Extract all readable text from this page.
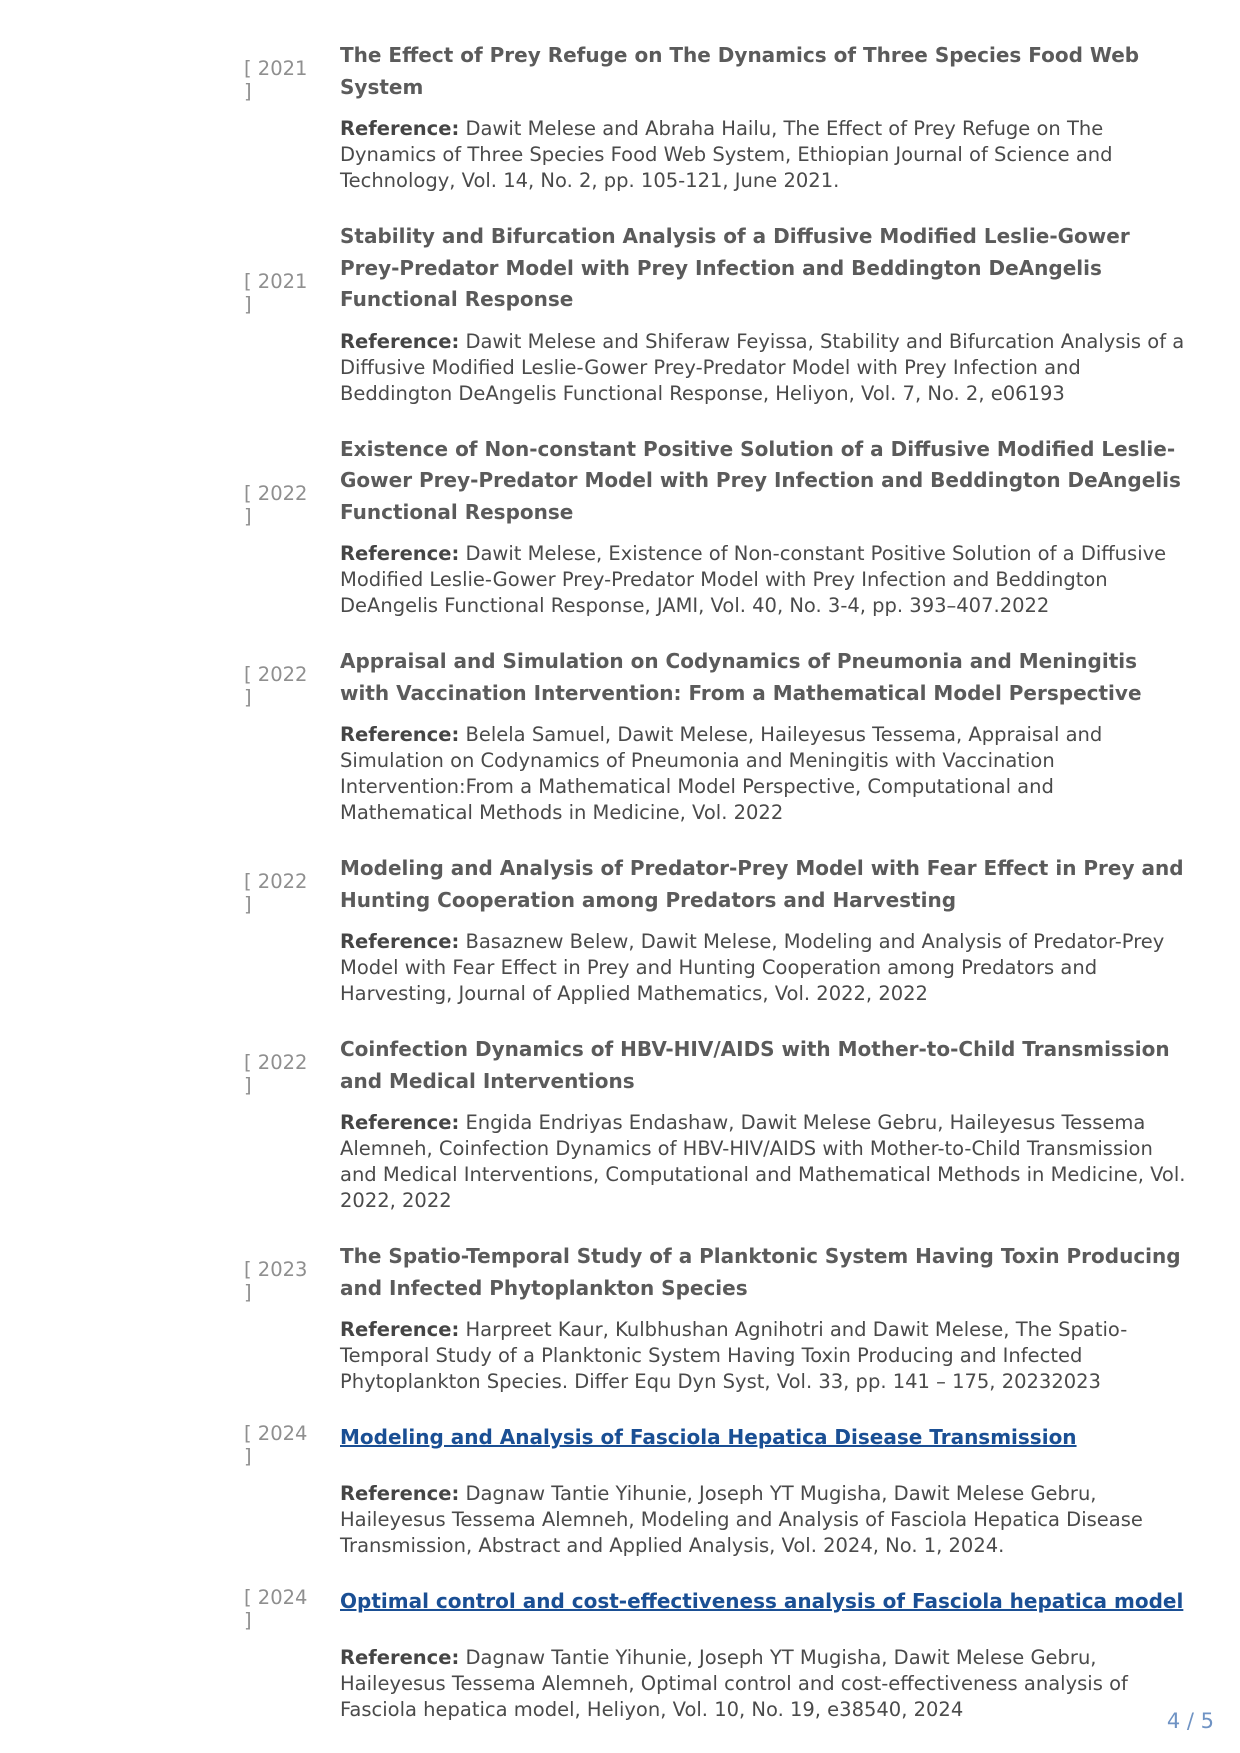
[ 2021 ]
The Effect of Prey Refuge on The Dynamics of Three Species Food Web System
Reference: Dawit Melese and Abraha Hailu, The Effect of Prey Refuge on The Dynamics of Three Species Food Web System, Ethiopian Journal of Science and Technology, Vol. 14, No. 2, pp. 105-121, June 2021.
[ 2021 ]
Stability and Bifurcation Analysis of a Diffusive Modified Leslie-Gower Prey-Predator Model with Prey Infection and Beddington DeAngelis Functional Response
Reference: Dawit Melese and Shiferaw Feyissa, Stability and Bifurcation Analysis of a Diffusive Modified Leslie-Gower Prey-Predator Model with Prey Infection and Beddington DeAngelis Functional Response, Heliyon, Vol. 7, No. 2, e06193
[ 2022 ]
Existence of Non-constant Positive Solution of a Diffusive Modified Leslie-Gower Prey-Predator Model with Prey Infection and Beddington DeAngelis Functional Response
Reference: Dawit Melese, Existence of Non-constant Positive Solution of a Diffusive Modified Leslie-Gower Prey-Predator Model with Prey Infection and Beddington DeAngelis Functional Response, JAMI, Vol. 40, No. 3-4, pp. 393–407.2022
[ 2022 ]
Appraisal and Simulation on Codynamics of Pneumonia and Meningitis with Vaccination Intervention: From a Mathematical Model Perspective
Reference: Belela Samuel, Dawit Melese, Haileyesus Tessema, Appraisal and Simulation on Codynamics of Pneumonia and Meningitis with Vaccination Intervention:From a Mathematical Model Perspective, Computational and Mathematical Methods in Medicine, Vol. 2022
[ 2022 ]
Modeling and Analysis of Predator-Prey Model with Fear Effect in Prey and Hunting Cooperation among Predators and Harvesting
Reference: Basaznew Belew, Dawit Melese, Modeling and Analysis of Predator-Prey Model with Fear Effect in Prey and Hunting Cooperation among Predators and Harvesting, Journal of Applied Mathematics, Vol. 2022, 2022
[ 2022 ]
Coinfection Dynamics of HBV-HIV/AIDS with Mother-to-Child Transmission and Medical Interventions
Reference: Engida Endriyas Endashaw, Dawit Melese Gebru, Haileyesus Tessema Alemneh, Coinfection Dynamics of HBV-HIV/AIDS with Mother-to-Child Transmission and Medical Interventions, Computational and Mathematical Methods in Medicine, Vol. 2022, 2022
[ 2023 ]
The Spatio-Temporal Study of a Planktonic System Having Toxin Producing and Infected Phytoplankton Species
Reference: Harpreet Kaur, Kulbhushan Agnihotri and Dawit Melese, The Spatio-Temporal Study of a Planktonic System Having Toxin Producing and Infected Phytoplankton Species. Differ Equ Dyn Syst, Vol. 33, pp. 141 – 175, 20232023
[ 2024 ]
Modeling and Analysis of Fasciola Hepatica Disease Transmission
Reference: Dagnaw Tantie Yihunie, Joseph YT Mugisha, Dawit Melese Gebru, Haileyesus Tessema Alemneh, Modeling and Analysis of Fasciola Hepatica Disease Transmission, Abstract and Applied Analysis, Vol. 2024, No. 1, 2024.
[ 2024 ]
Optimal control and cost-effectiveness analysis of Fasciola hepatica model
Reference: Dagnaw Tantie Yihunie, Joseph YT Mugisha, Dawit Melese Gebru, Haileyesus Tessema Alemneh, Optimal control and cost-effectiveness analysis of Fasciola hepatica model, Heliyon, Vol. 10, No. 19, e38540, 2024	4 / 5
